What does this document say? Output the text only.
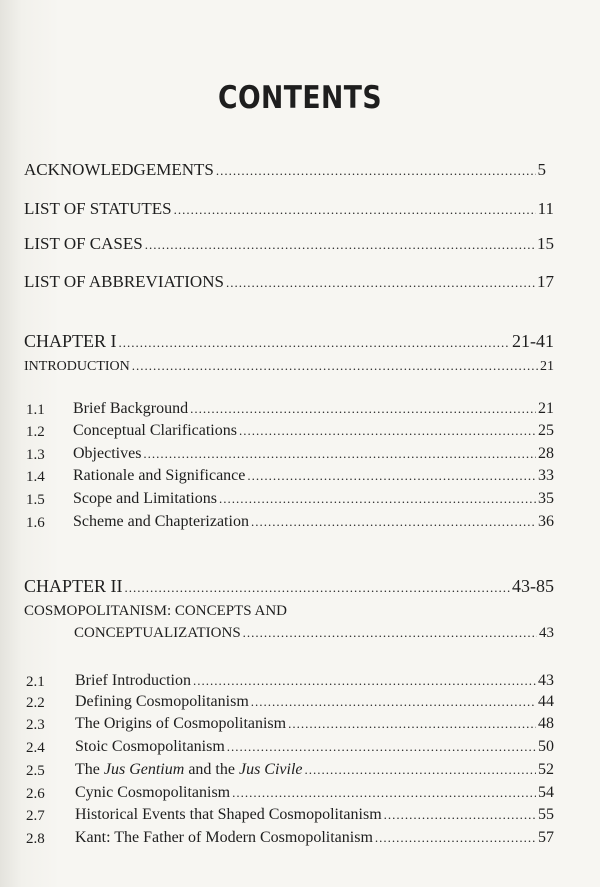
CONTENTS
ACKNOWLEDGEMENTS .....	5
LIST OF STATUTES .....	11
LIST OF CASES .....	15
LIST OF ABBREVIATIONS .....	17
CHAPTER I .....	21-41
INTRODUCTION .....	21
1.1 Brief Background .....	21
1.2 Conceptual Clarifications .....	25
1.3 Objectives .....	28
1.4 Rationale and Significance .....	33
1.5 Scope and Limitations .....	35
1.6 Scheme and Chapterization .....	36
CHAPTER II .....	43-85
COSMOPOLITANISM: CONCEPTS AND
CONCEPTUALIZATIONS .....	43
2.1 Brief Introduction .....	43
2.2 Defining Cosmopolitanism .....	44
2.3 The Origins of Cosmopolitanism .....	48
2.4 Stoic Cosmopolitanism .....	50
2.5 The Jus Gentium and the Jus Civile .....	52
2.6 Cynic Cosmopolitanism .....	54
2.7 Historical Events that Shaped Cosmopolitanism .....	55
2.8 Kant: The Father of Modern Cosmopolitanism .....	57
